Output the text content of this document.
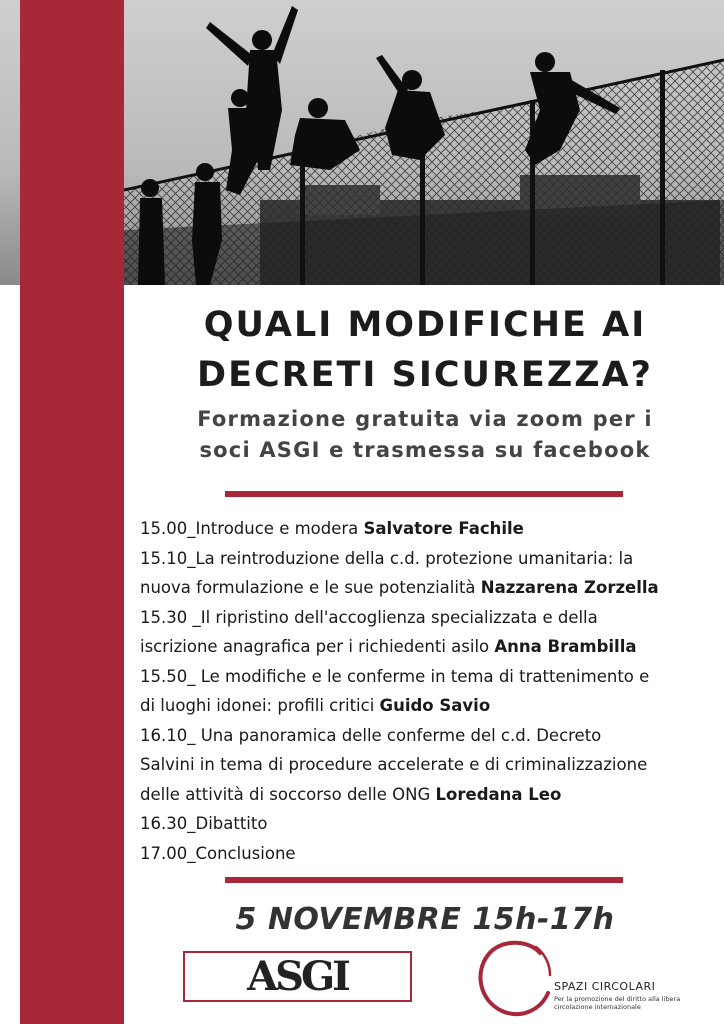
QUALI MODIFICHE AI
DECRETI SICUREZZA?
Formazione gratuita via zoom per i
soci ASGI e trasmessa su facebook
15.00_Introduce e modera Salvatore Fachile
15.10_La reintroduzione della c.d. protezione umanitaria: la
nuova formulazione e le sue potenzialità Nazzarena Zorzella
15.30 _Il ripristino dell'accoglienza specializzata e della
iscrizione anagrafica per i richiedenti asilo Anna Brambilla
15.50_ Le modifiche e le conferme in tema di trattenimento e
di luoghi idonei: profili critici Guido Savio
16.10_ Una panoramica delle conferme del c.d. Decreto
Salvini in tema di procedure accelerate e di criminalizzazione
delle attività di soccorso delle ONG Loredana Leo
16.30_Dibattito
17.00_Conclusione
5 NOVEMBRE 15h-17h
ASGI	SPAZI CIRCOLARI
Per la promozione del diritto alla libera circolazione internazionale
